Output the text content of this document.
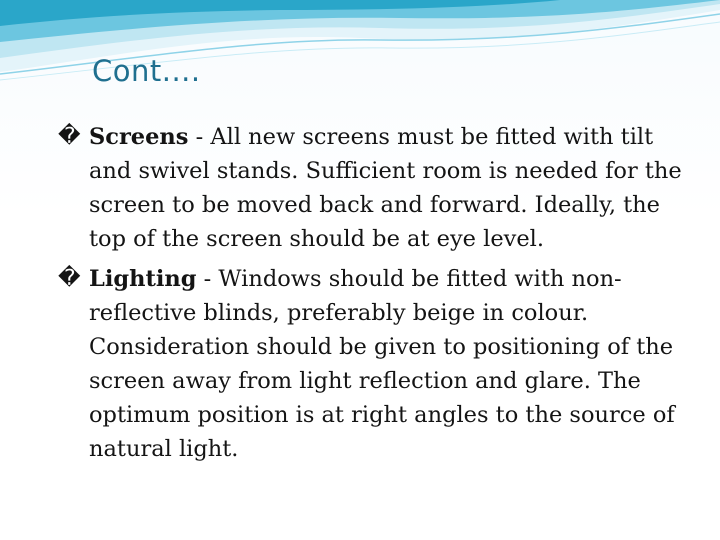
Cont....
� Screens - All new screens must be fitted with tilt and swivel stands. Sufficient room is needed for the screen to be moved back and forward. Ideally, the top of the screen should be at eye level.
� Lighting - Windows should be fitted with non-reflective blinds, preferably beige in colour. Consideration should be given to positioning of the screen away from light reflection and glare. The optimum position is at right angles to the source of natural light.
